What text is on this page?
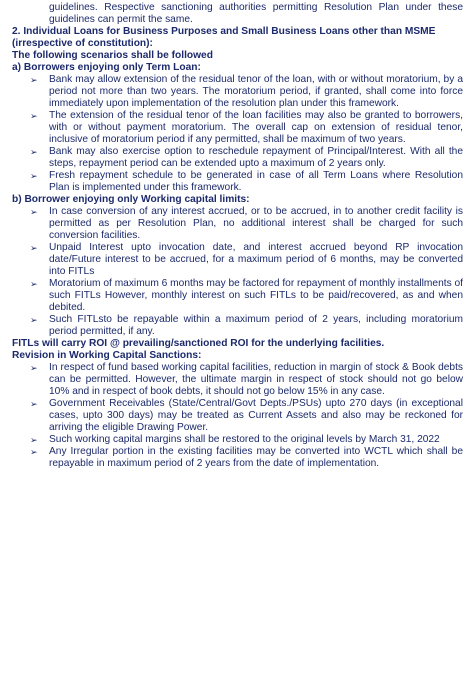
guidelines. Respective sanctioning authorities permitting Resolution Plan under these guidelines can permit the same.
2. Individual Loans for Business Purposes and Small Business Loans other than MSME (irrespective of constitution):
The following scenarios shall be followed
a) Borrowers enjoying only Term Loan:
➢	Bank may allow extension of the residual tenor of the loan, with or without moratorium, by a period not more than two years. The moratorium period, if granted, shall come into force immediately upon implementation of the resolution plan under this framework.
➢	The extension of the residual tenor of the loan facilities may also be granted to borrowers, with or without payment moratorium. The overall cap on extension of residual tenor, inclusive of moratorium period if any permitted, shall be maximum of two years.
➢	Bank may also exercise option to reschedule repayment of Principal/Interest. With all the steps, repayment period can be extended upto a maximum of 2 years only.
➢	Fresh repayment schedule to be generated in case of all Term Loans where Resolution Plan is implemented under this framework.
b) Borrower enjoying only Working capital limits:
➢	In case conversion of any interest accrued, or to be accrued, in to another credit facility is permitted as per Resolution Plan, no additional interest shall be charged for such conversion facilities.
➢	Unpaid Interest upto invocation date, and interest accrued beyond RP invocation date/Future interest to be accrued, for a maximum period of 6 months, may be converted into FITLs
➢	Moratorium of maximum 6 months may be factored for repayment of monthly installments of such FITLs However, monthly interest on such FITLs to be paid/recovered, as and when debited.
➢	Such FITLsto be repayable within a maximum period of 2 years, including moratorium period permitted, if any.
FITLs will carry ROI @ prevailing/sanctioned ROI for the underlying facilities.
Revision in Working Capital Sanctions:
➢	In respect of fund based working capital facilities, reduction in margin of stock & Book debts can be permitted. However, the ultimate margin in respect of stock should not go below 10% and in respect of book debts, it should not go below 15% in any case.
➢	Government Receivables (State/Central/Govt Depts./PSUs) upto 270 days (in exceptional cases, upto 300 days) may be treated as Current Assets and also may be reckoned for arriving the eligible Drawing Power.
➢	Such working capital margins shall be restored to the original levels by March 31, 2022
➢	Any Irregular portion in the existing facilities may be converted into WCTL which shall be repayable in maximum period of 2 years from the date of implementation.
